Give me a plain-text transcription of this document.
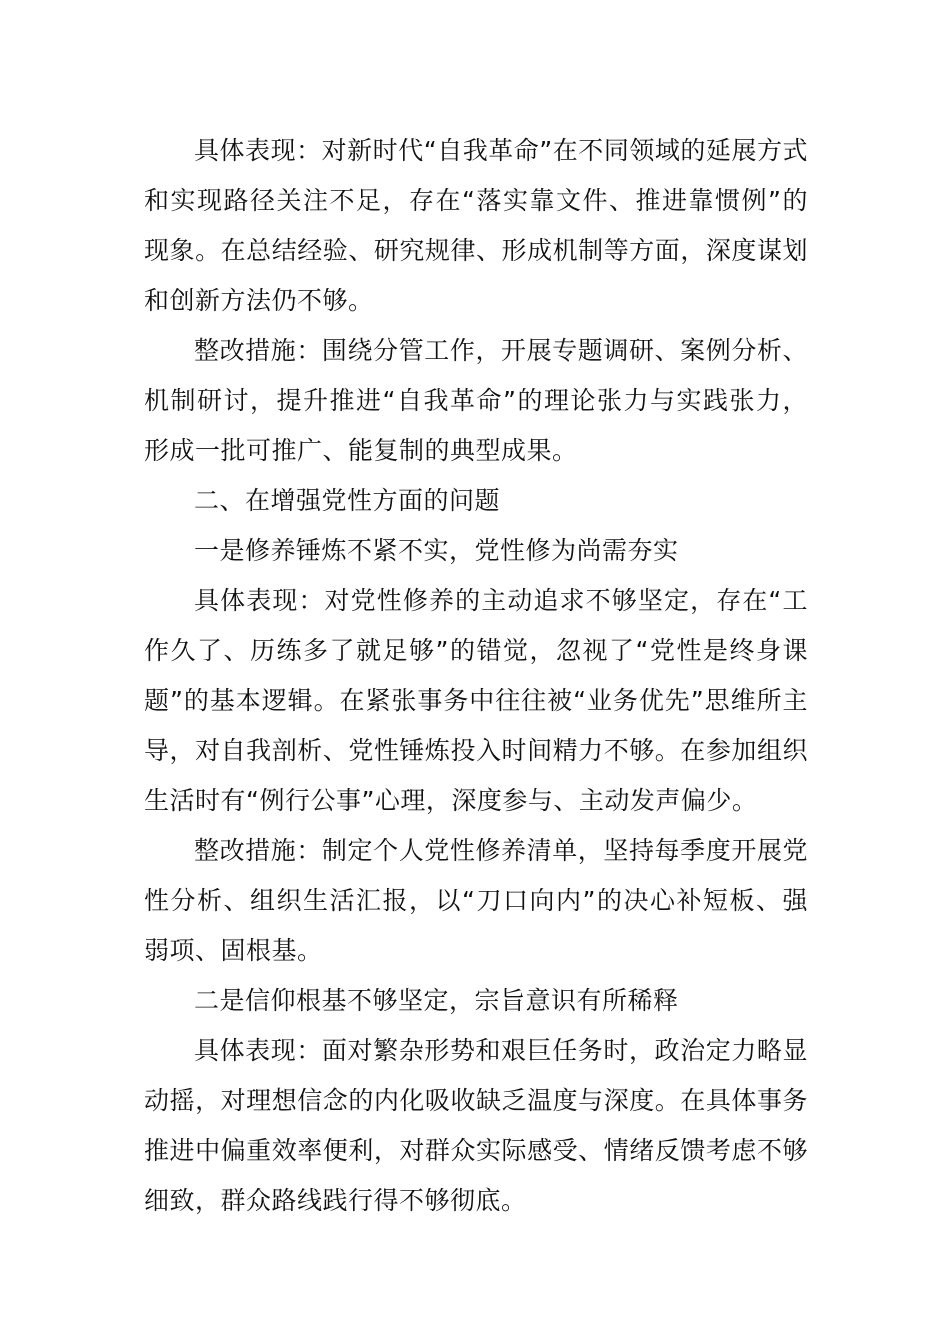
具体表现：对新时代“自我革命”在不同领域的延展方式和实现路径关注不足，存在“落实靠文件、推进靠惯例”的现象。在总结经验、研究规律、形成机制等方面，深度谋划和创新方法仍不够。

整改措施：围绕分管工作，开展专题调研、案例分析、机制研讨，提升推进“自我革命”的理论张力与实践张力，形成一批可推广、能复制的典型成果。

二、在增强党性方面的问题

一是修养锤炼不紧不实，党性修为尚需夯实

具体表现：对党性修养的主动追求不够坚定，存在“工作久了、历练多了就足够”的错觉，忽视了“党性是终身课题”的基本逻辑。在紧张事务中往往被“业务优先”思维所主导，对自我剖析、党性锤炼投入时间精力不够。在参加组织生活时有“例行公事”心理，深度参与、主动发声偏少。

整改措施：制定个人党性修养清单，坚持每季度开展党性分析、组织生活汇报，以“刀口向内”的决心补短板、强弱项、固根基。

二是信仰根基不够坚定，宗旨意识有所稀释

具体表现：面对繁杂形势和艰巨任务时，政治定力略显动摇，对理想信念的内化吸收缺乏温度与深度。在具体事务推进中偏重效率便利，对群众实际感受、情绪反馈考虑不够细致，群众路线践行得不够彻底。
